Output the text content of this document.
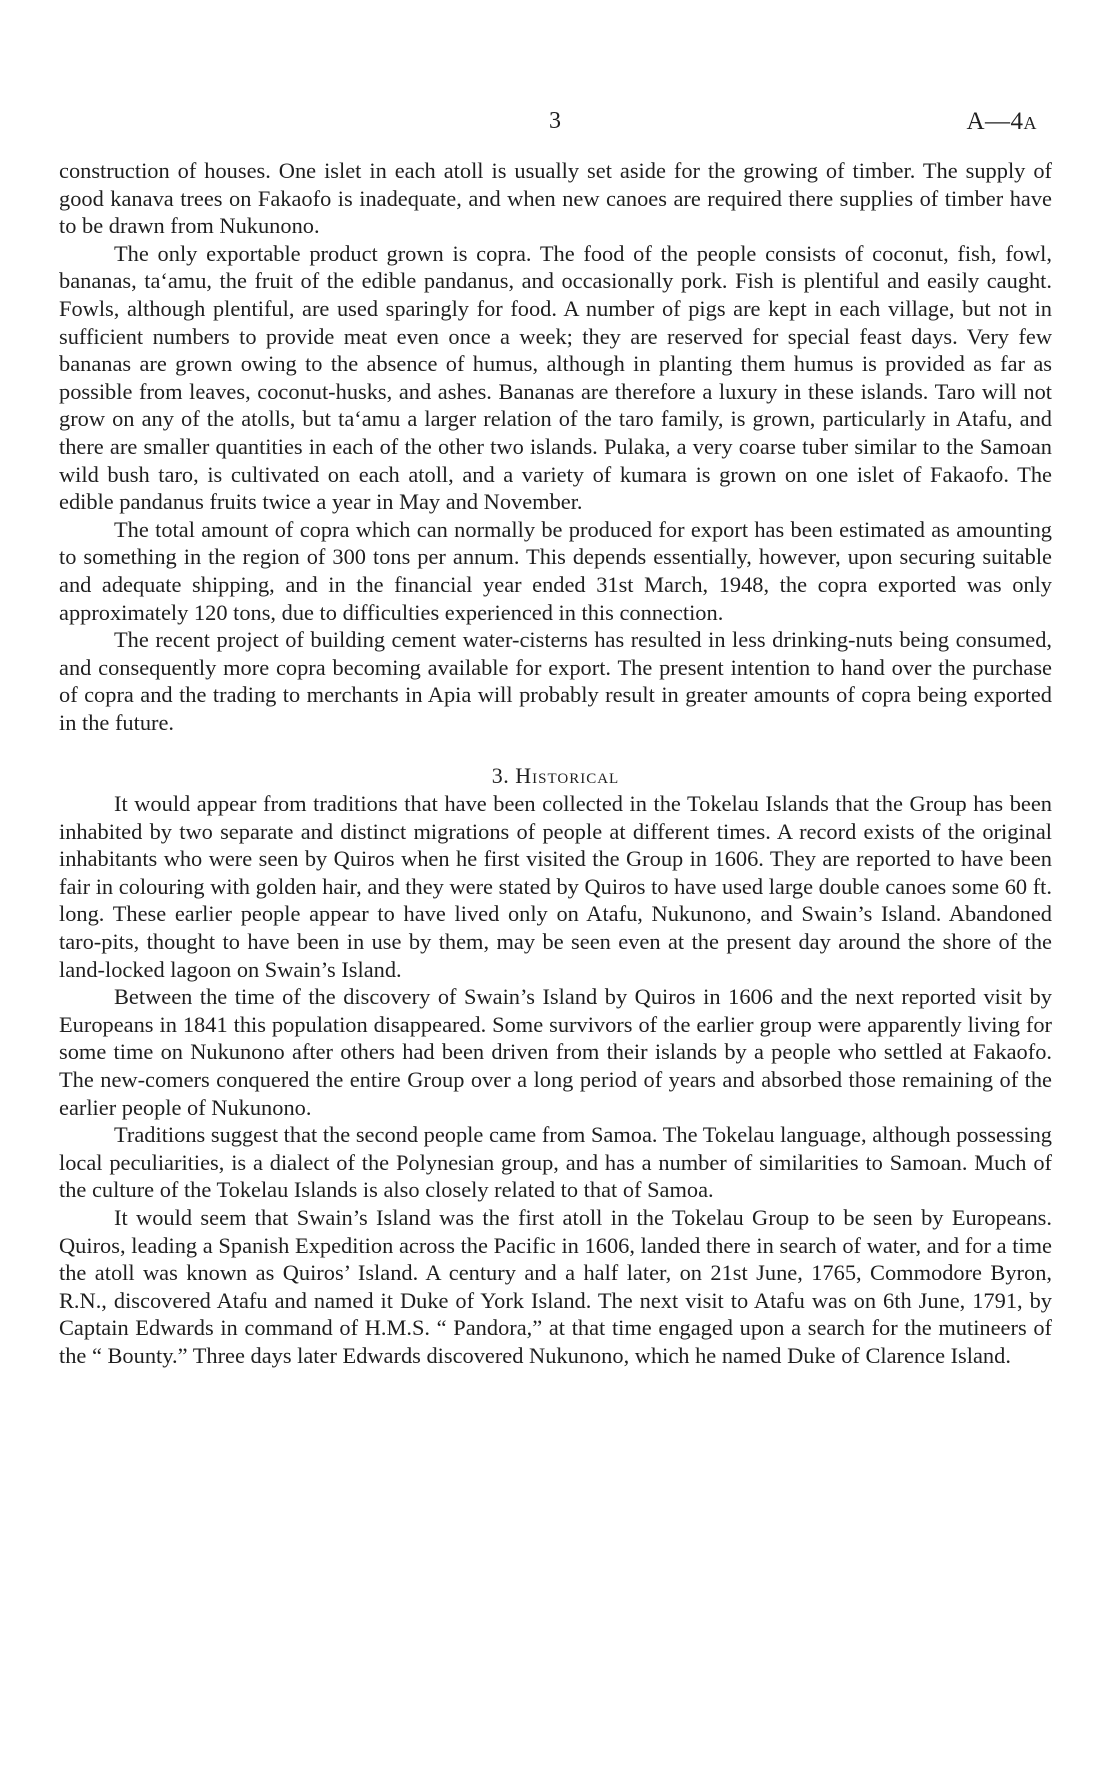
3	A—4A

construction of houses. One islet in each atoll is usually set aside for the growing of timber. The supply of good kanava trees on Fakaofo is inadequate, and when new canoes are required there supplies of timber have to be drawn from Nukunono.

The only exportable product grown is copra. The food of the people consists of coconut, fish, fowl, bananas, ta‘amu, the fruit of the edible pandanus, and occasionally pork. Fish is plentiful and easily caught. Fowls, although plentiful, are used sparingly for food. A number of pigs are kept in each village, but not in sufficient numbers to provide meat even once a week; they are reserved for special feast days. Very few bananas are grown owing to the absence of humus, although in planting them humus is provided as far as possible from leaves, coconut-husks, and ashes. Bananas are therefore a luxury in these islands. Taro will not grow on any of the atolls, but ta‘amu a larger relation of the taro family, is grown, particularly in Atafu, and there are smaller quantities in each of the other two islands. Pulaka, a very coarse tuber similar to the Samoan wild bush taro, is cultivated on each atoll, and a variety of kumara is grown on one islet of Fakaofo. The edible pandanus fruits twice a year in May and November.

The total amount of copra which can normally be produced for export has been estimated as amounting to something in the region of 300 tons per annum. This depends essentially, however, upon securing suitable and adequate shipping, and in the financial year ended 31st March, 1948, the copra exported was only approximately 120 tons, due to difficulties experienced in this connection.

The recent project of building cement water-cisterns has resulted in less drinking-nuts being consumed, and consequently more copra becoming available for export. The present intention to hand over the purchase of copra and the trading to merchants in Apia will probably result in greater amounts of copra being exported in the future.

3. Historical

It would appear from traditions that have been collected in the Tokelau Islands that the Group has been inhabited by two separate and distinct migrations of people at different times. A record exists of the original inhabitants who were seen by Quiros when he first visited the Group in 1606. They are reported to have been fair in colouring with golden hair, and they were stated by Quiros to have used large double canoes some 60 ft. long. These earlier people appear to have lived only on Atafu, Nukunono, and Swain’s Island. Abandoned taro-pits, thought to have been in use by them, may be seen even at the present day around the shore of the land-locked lagoon on Swain’s Island.

Between the time of the discovery of Swain’s Island by Quiros in 1606 and the next reported visit by Europeans in 1841 this population disappeared. Some survivors of the earlier group were apparently living for some time on Nukunono after others had been driven from their islands by a people who settled at Fakaofo. The new-comers conquered the entire Group over a long period of years and absorbed those remaining of the earlier people of Nukunono.

Traditions suggest that the second people came from Samoa. The Tokelau language, although possessing local peculiarities, is a dialect of the Polynesian group, and has a number of similarities to Samoan. Much of the culture of the Tokelau Islands is also closely related to that of Samoa.

It would seem that Swain’s Island was the first atoll in the Tokelau Group to be seen by Europeans. Quiros, leading a Spanish Expedition across the Pacific in 1606, landed there in search of water, and for a time the atoll was known as Quiros’ Island. A century and a half later, on 21st June, 1765, Commodore Byron, R.N., discovered Atafu and named it Duke of York Island. The next visit to Atafu was on 6th June, 1791, by Captain Edwards in command of H.M.S. “ Pandora,” at that time engaged upon a search for the mutineers of the “ Bounty.” Three days later Edwards discovered Nukunono, which he named Duke of Clarence Island.
